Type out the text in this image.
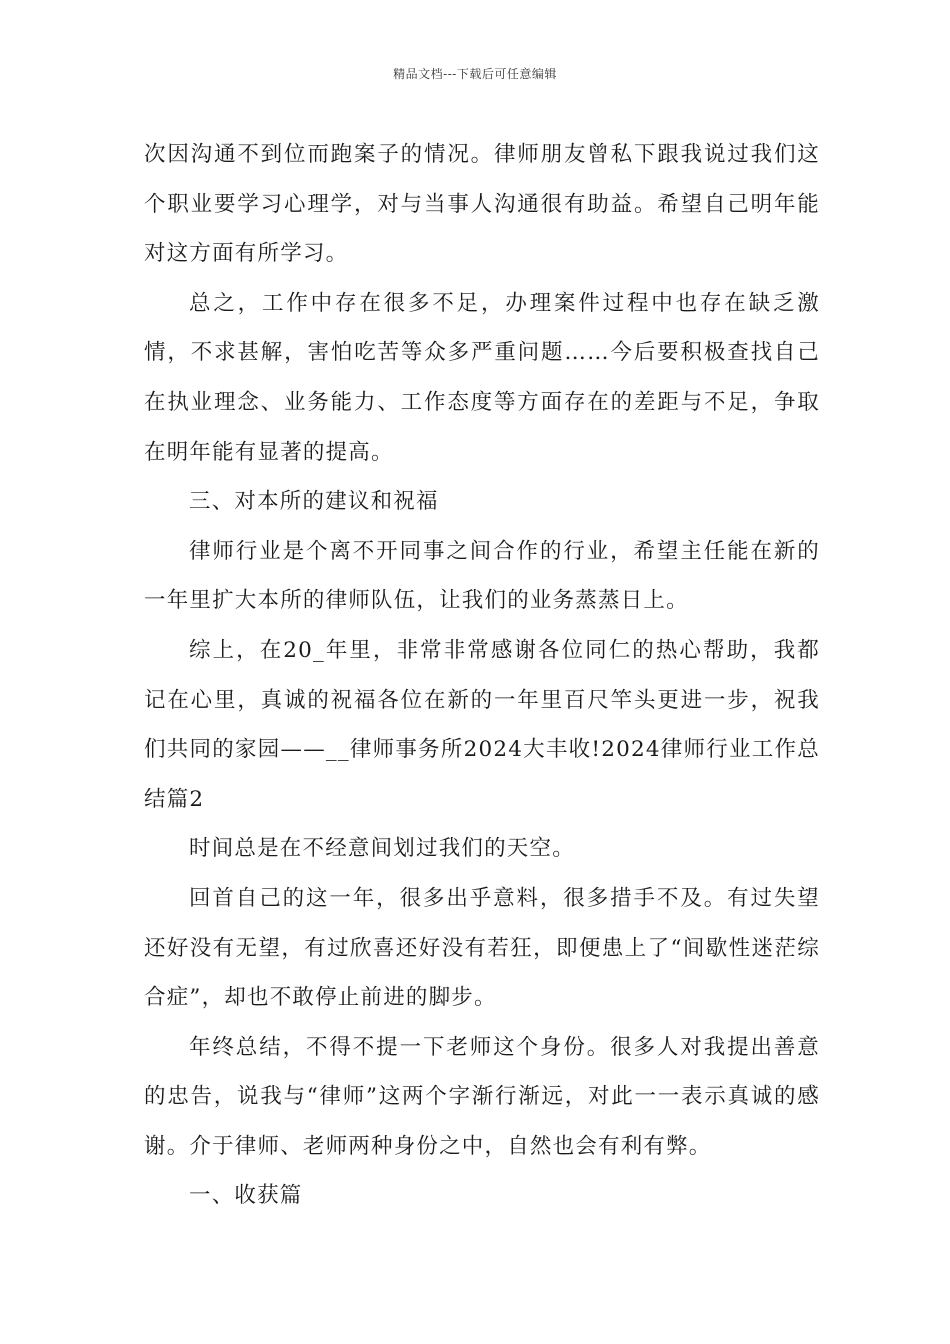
精品文档---下载后可任意编辑

次因沟通不到位而跑案子的情况。律师朋友曾私下跟我说过我们这个职业要学习心理学，对与当事人沟通很有助益。希望自己明年能对这方面有所学习。

总之，工作中存在很多不足，办理案件过程中也存在缺乏激情，不求甚解，害怕吃苦等众多严重问题……今后要积极查找自己在执业理念、业务能力、工作态度等方面存在的差距与不足，争取在明年能有显著的提高。

三、对本所的建议和祝福

律师行业是个离不开同事之间合作的行业，希望主任能在新的一年里扩大本所的律师队伍，让我们的业务蒸蒸日上。

综上，在20_年里，非常非常感谢各位同仁的热心帮助，我都记在心里，真诚的祝福各位在新的一年里百尺竿头更进一步，祝我们共同的家园——__律师事务所2024大丰收!2024律师行业工作总结篇2

时间总是在不经意间划过我们的天空。

回首自己的这一年，很多出乎意料，很多措手不及。有过失望还好没有无望，有过欣喜还好没有若狂，即便患上了“间歇性迷茫综合症”，却也不敢停止前进的脚步。

年终总结，不得不提一下老师这个身份。很多人对我提出善意的忠告，说我与“律师”这两个字渐行渐远，对此一一表示真诚的感谢。介于律师、老师两种身份之中，自然也会有利有弊。

一、收获篇
